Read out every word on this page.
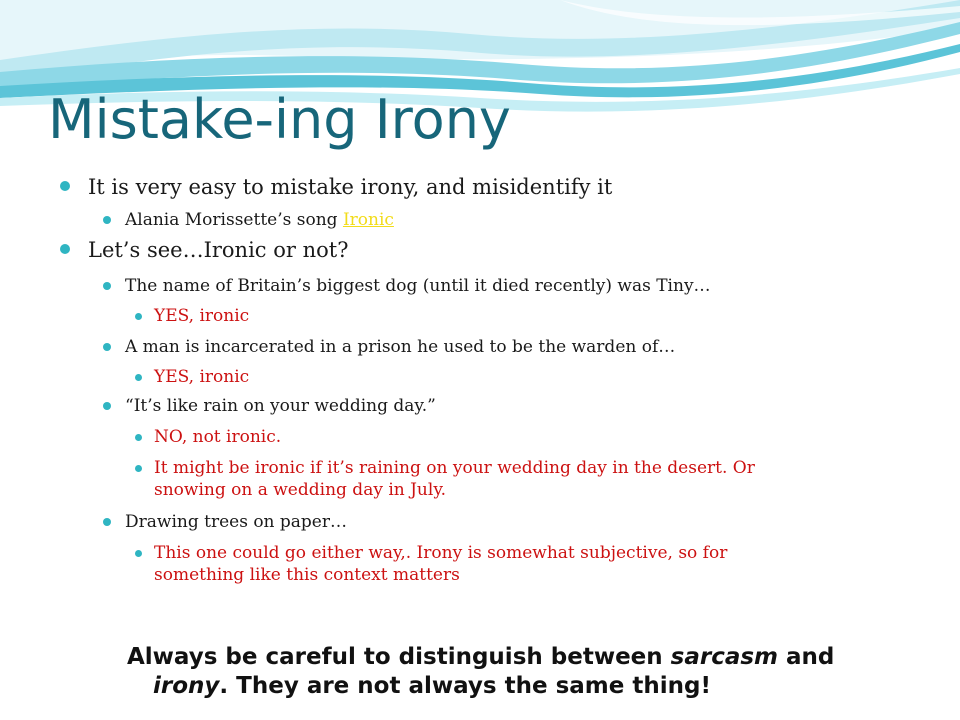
Mistake-ing Irony

It is very easy to mistake irony, and misidentify it

Alania Morissette’s song Ironic

Let’s see…Ironic or not?

The name of Britain’s biggest dog (until it died recently) was Tiny…

YES, ironic

A man is incarcerated in a prison he used to be the warden of…

YES, ironic

“It’s like rain on your wedding day.”

NO, not ironic.

It might be ironic if it’s raining on your wedding day in the desert. Or
snowing on a wedding day in July.

Drawing trees on paper…

This one could go either way,. Irony is somewhat subjective, so for
something like this context matters

Always be careful to distinguish between sarcasm and
irony. They are not always the same thing!
